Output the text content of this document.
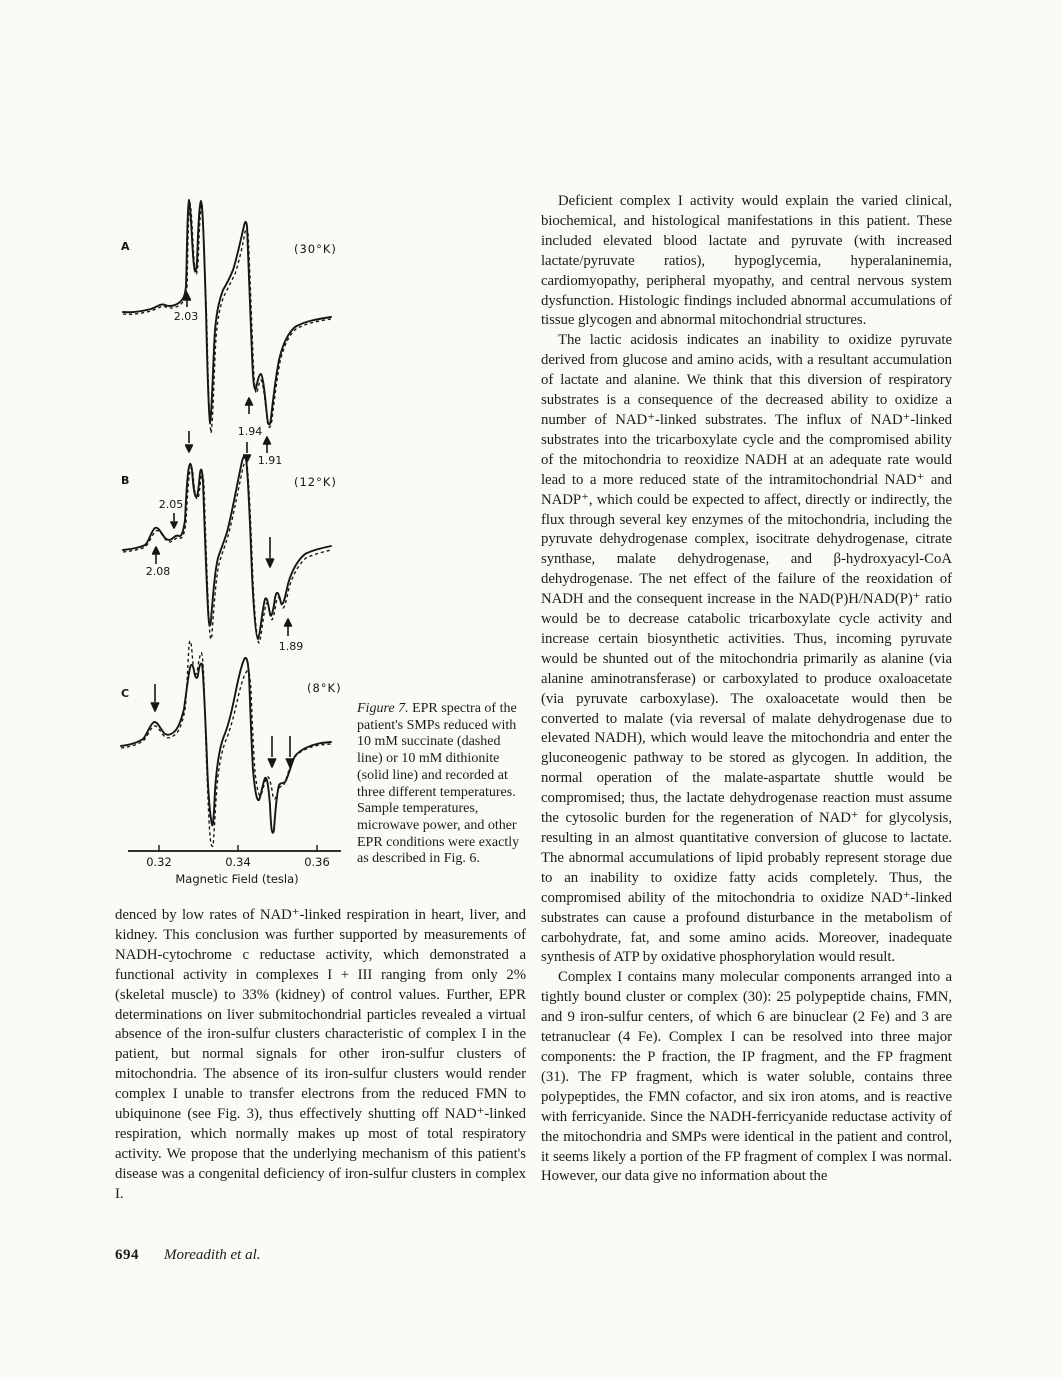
2.03
1.94
1.91
2.05
2.08
1.89
A
B
C
(30°K)
(12°K)
(8°K)
0.32	0.34	0.36
Magnetic Field (tesla)
Figure 7. EPR spectra of the patient's SMPs reduced with 10 mM succinate (dashed line) or 10 mM dithionite (solid line) and recorded at three different temperatures. Sample temperatures, microwave power, and other EPR conditions were exactly as described in Fig. 6.

denced by low rates of NAD⁺-linked respiration in heart, liver, and kidney. This conclusion was further supported by measurements of NADH-cytochrome c reductase activity, which demonstrated a functional activity in complexes I + III ranging from only 2% (skeletal muscle) to 33% (kidney) of control values. Further, EPR determinations on liver submitochondrial particles revealed a virtual absence of the iron-sulfur clusters characteristic of complex I in the patient, but normal signals for other iron-sulfur clusters of mitochondria. The absence of its iron-sulfur clusters would render complex I unable to transfer electrons from the reduced FMN to ubiquinone (see Fig. 3), thus effectively shutting off NAD⁺-linked respiration, which normally makes up most of total respiratory activity. We propose that the underlying mechanism of this patient's disease was a congenital deficiency of iron-sulfur clusters in complex I.

Deficient complex I activity would explain the varied clinical, biochemical, and histological manifestations in this patient. These included elevated blood lactate and pyruvate (with increased lactate/pyruvate ratios), hypoglycemia, hyperalaninemia, cardiomyopathy, peripheral myopathy, and central nervous system dysfunction. Histologic findings included abnormal accumulations of tissue glycogen and abnormal mitochondrial structures.

The lactic acidosis indicates an inability to oxidize pyruvate derived from glucose and amino acids, with a resultant accumulation of lactate and alanine. We think that this diversion of respiratory substrates is a consequence of the decreased ability to oxidize a number of NAD⁺-linked substrates. The influx of NAD⁺-linked substrates into the tricarboxylate cycle and the compromised ability of the mitochondria to reoxidize NADH at an adequate rate would lead to a more reduced state of the intramitochondrial NAD⁺ and NADP⁺, which could be expected to affect, directly or indirectly, the flux through several key enzymes of the mitochondria, including the pyruvate dehydrogenase complex, isocitrate dehydrogenase, citrate synthase, malate dehydrogenase, and β-hydroxyacyl-CoA dehydrogenase. The net effect of the failure of the reoxidation of NADH and the consequent increase in the NAD(P)H/NAD(P)⁺ ratio would be to decrease catabolic tricarboxylate cycle activity and increase certain biosynthetic activities. Thus, incoming pyruvate would be shunted out of the mitochondria primarily as alanine (via alanine aminotransferase) or carboxylated to produce oxaloacetate (via pyruvate carboxylase). The oxaloacetate would then be converted to malate (via reversal of malate dehydrogenase due to elevated NADH), which would leave the mitochondria and enter the gluconeogenic pathway to be stored as glycogen. In addition, the normal operation of the malate-aspartate shuttle would be compromised; thus, the lactate dehydrogenase reaction must assume the cytosolic burden for the regeneration of NAD⁺ for glycolysis, resulting in an almost quantitative conversion of glucose to lactate. The abnormal accumulations of lipid probably represent storage due to an inability to oxidize fatty acids completely. Thus, the compromised ability of the mitochondria to oxidize NAD⁺-linked substrates can cause a profound disturbance in the metabolism of carbohydrate, fat, and some amino acids. Moreover, inadequate synthesis of ATP by oxidative phosphorylation would result.

Complex I contains many molecular components arranged into a tightly bound cluster or complex (30): 25 polypeptide chains, FMN, and 9 iron-sulfur centers, of which 6 are binuclear (2 Fe) and 3 are tetranuclear (4 Fe). Complex I can be resolved into three major components: the P fraction, the IP fragment, and the FP fragment (31). The FP fragment, which is water soluble, contains three polypeptides, the FMN cofactor, and six iron atoms, and is reactive with ferricyanide. Since the NADH-ferricyanide reductase activity of the mitochondria and SMPs were identical in the patient and control, it seems likely a portion of the FP fragment of complex I was normal. However, our data give no information about the

694 Moreadith et al.
